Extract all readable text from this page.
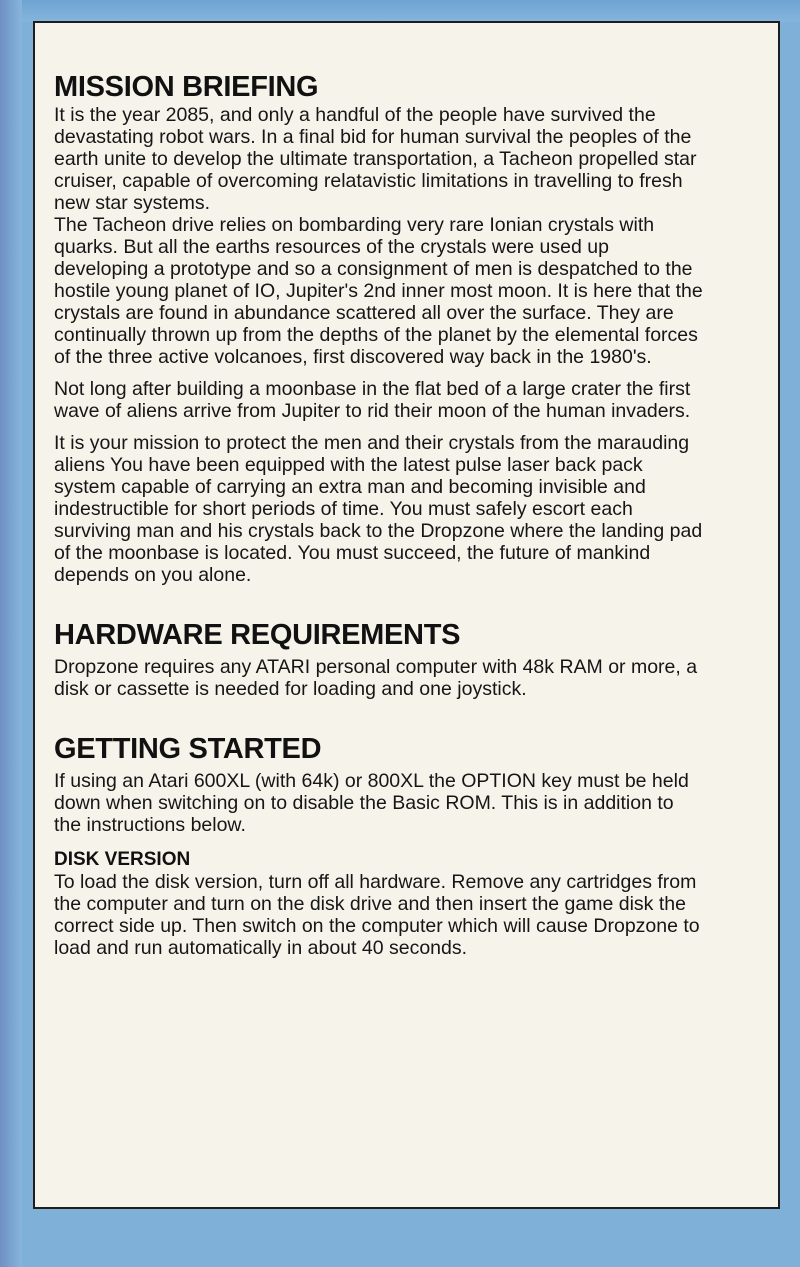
MISSION BRIEFING

It is the year 2085, and only a handful of the people have survived the devastating robot wars. In a final bid for human survival the peoples of the earth unite to develop the ultimate transportation, a Tacheon propelled star cruiser, capable of overcoming relatavistic limitations in travelling to fresh new star systems.

The Tacheon drive relies on bombarding very rare Ionian crystals with quarks. But all the earths resources of the crystals were used up developing a prototype and so a consignment of men is despatched to the hostile young planet of IO, Jupiter's 2nd inner most moon. It is here that the crystals are found in abundance scattered all over the surface. They are continually thrown up from the depths of the planet by the elemental forces of the three active volcanoes, first discovered way back in the 1980's.

Not long after building a moonbase in the flat bed of a large crater the first wave of aliens arrive from Jupiter to rid their moon of the human invaders.

It is your mission to protect the men and their crystals from the marauding aliens You have been equipped with the latest pulse laser back pack system capable of carrying an extra man and becoming invisible and indestructible for short periods of time. You must safely escort each surviving man and his crystals back to the Dropzone where the landing pad of the moonbase is located. You must succeed, the future of mankind depends on you alone.

HARDWARE REQUIREMENTS

Dropzone requires any ATARI personal computer with 48k RAM or more, a disk or cassette is needed for loading and one joystick.

GETTING STARTED

If using an Atari 600XL (with 64k) or 800XL the OPTION key must be held down when switching on to disable the Basic ROM. This is in addition to the instructions below.

DISK VERSION

To load the disk version, turn off all hardware. Remove any cartridges from the computer and turn on the disk drive and then insert the game disk the correct side up. Then switch on the computer which will cause Dropzone to load and run automatically in about 40 seconds.
